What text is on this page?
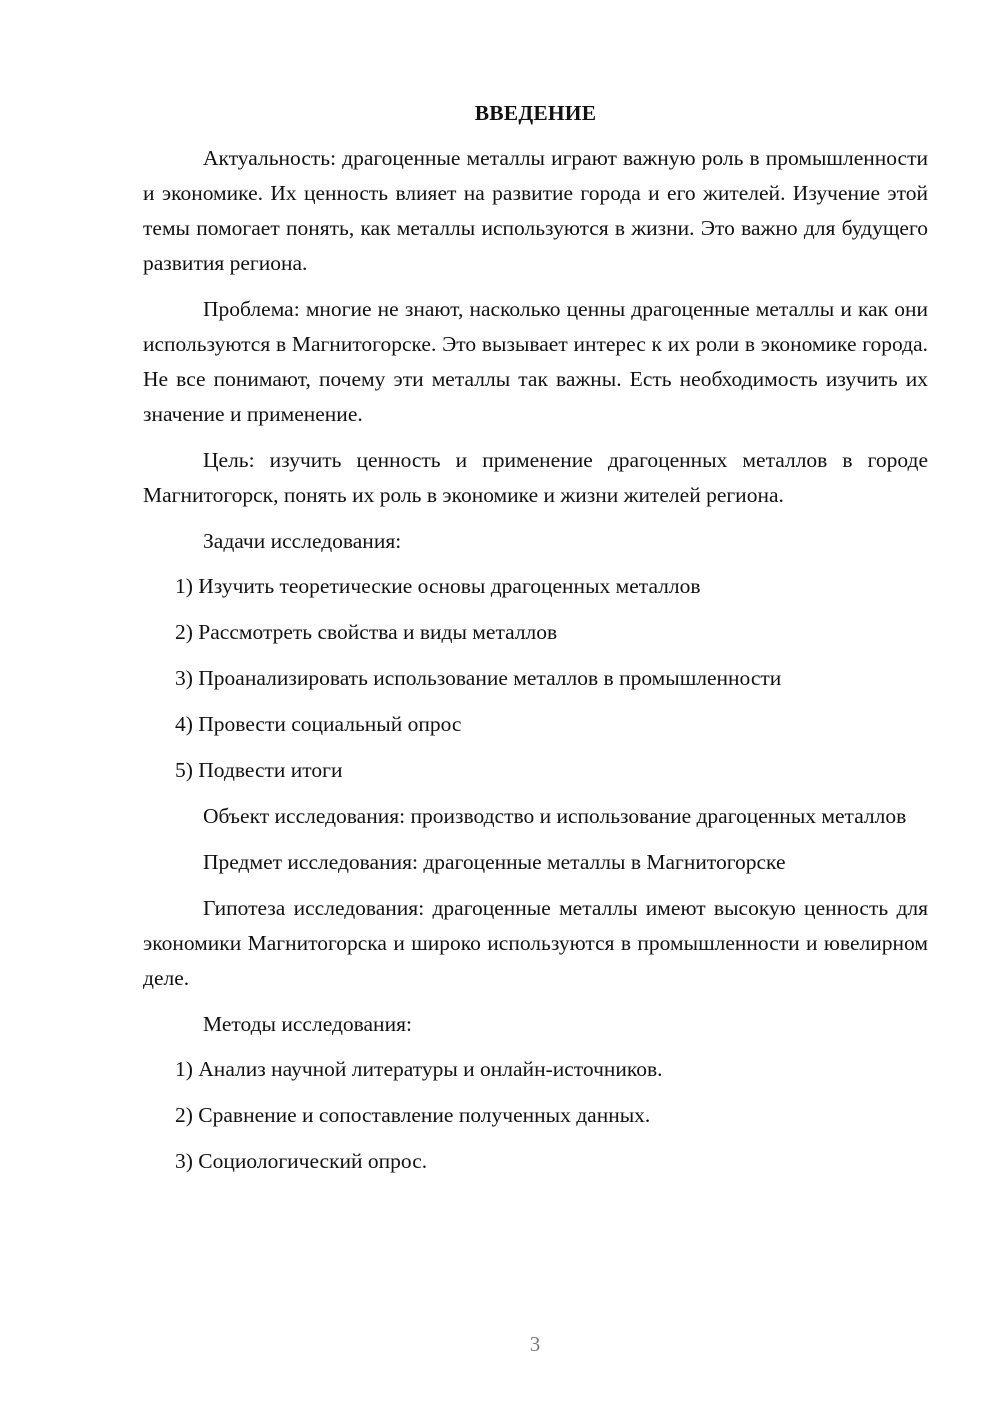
ВВЕДЕНИЕ

Актуальность: драгоценные металлы играют важную роль в промышленности и экономике. Их ценность влияет на развитие города и его жителей. Изучение этой темы помогает понять, как металлы используются в жизни. Это важно для будущего развития региона.

Проблема: многие не знают, насколько ценны драгоценные металлы и как они используются в Магнитогорске. Это вызывает интерес к их роли в экономике города. Не все понимают, почему эти металлы так важны. Есть необходимость изучить их значение и применение.

Цель: изучить ценность и применение драгоценных металлов в городе Магнитогорск, понять их роль в экономике и жизни жителей региона.

Задачи исследования:

1) Изучить теоретические основы драгоценных металлов
2) Рассмотреть свойства и виды металлов
3) Проанализировать использование металлов в промышленности
4) Провести социальный опрос
5) Подвести итоги

Объект исследования: производство и использование драгоценных металлов

Предмет исследования: драгоценные металлы в Магнитогорске

Гипотеза исследования: драгоценные металлы имеют высокую ценность для экономики Магнитогорска и широко используются в промышленности и ювелирном деле.

Методы исследования:

1) Анализ научной литературы и онлайн-источников.
2) Сравнение и сопоставление полученных данных.
3) Социологический опрос.
3
